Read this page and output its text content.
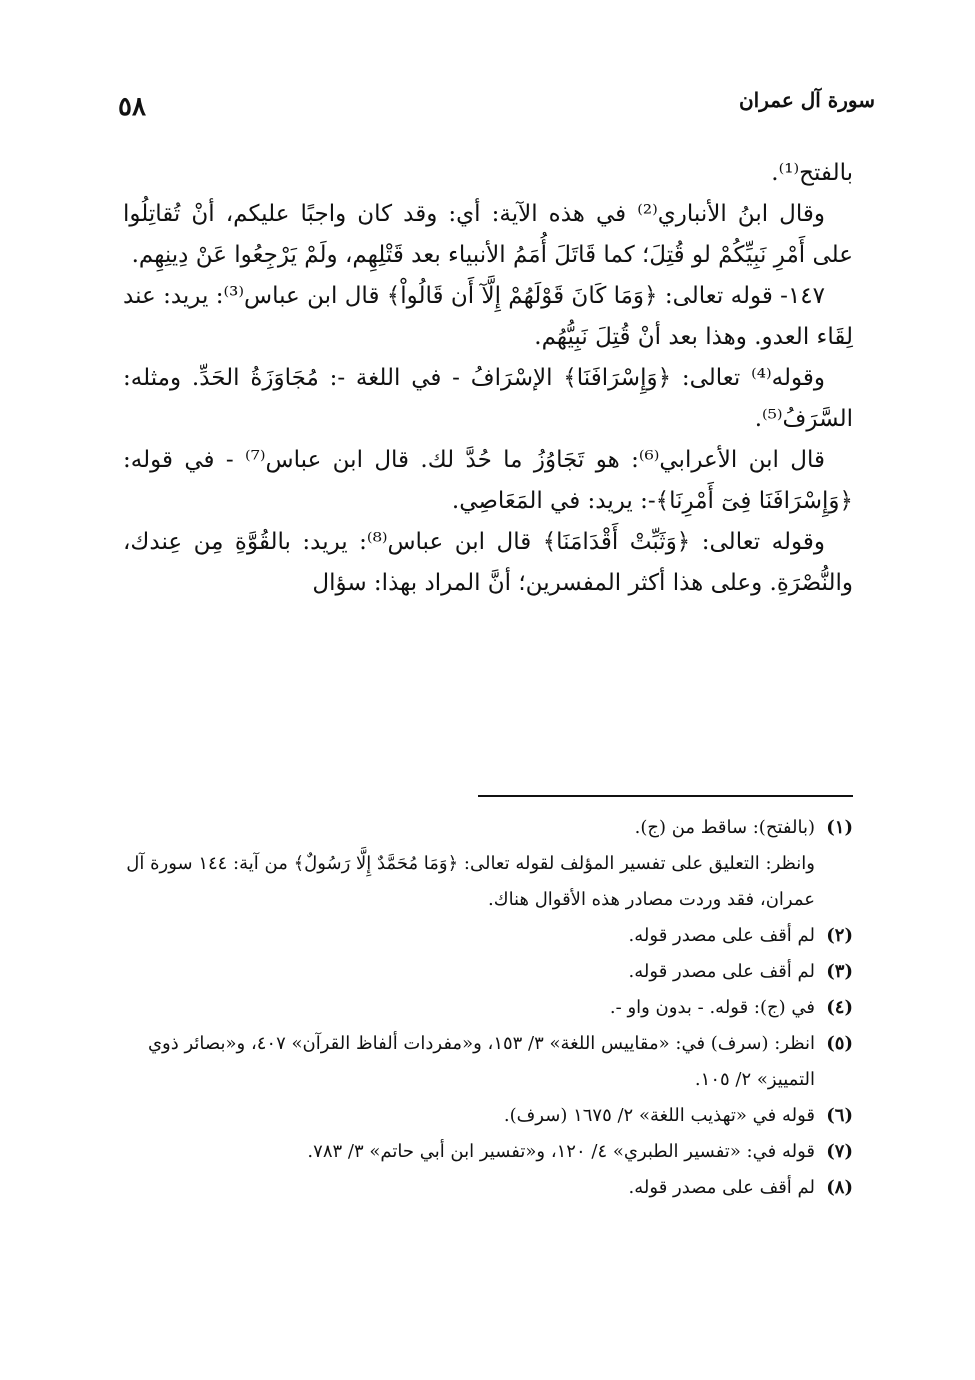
سورة آل عمران
٥٨

بالفتح⁽¹⁾.

وقال ابنُ الأنباري⁽²⁾ في هذه الآية: أي: وقد كان واجبًا عليكم، أنْ تُقاتِلُوا على أَمْرِ نَبِيِّكُمْ لو قُتِلَ؛ كما قَاتَلَ أُمَمُ الأنبياء بعد قَتْلِهِم، ولَمْ يَرْجِعُوا عَنْ دِينِهِم.

١٤٧- قوله تعالى: ﴿وَمَا كَانَ قَوْلَهُمْ إِلَّآ أَن قَالُواْ﴾ قال ابن عباس⁽³⁾: يريد: عند لِقَاء العدو. وهذا بعد أنْ قُتِلَ نَبِيُّهُم.

وقوله⁽⁴⁾ تعالى: ﴿وَإِسْرَافَنَا﴾ الإسْرَافُ - في اللغة -: مُجَاوَزَةُ الحَدِّ. ومثله: السَّرَفُ⁽⁵⁾.

قال ابن الأعرابي⁽⁶⁾: هو تَجَاوُزُ ما حُدَّ لك. قال ابن عباس⁽⁷⁾ - في قوله: ﴿وَإِسْرَافَنَا فِىٓ أَمْرِنَا﴾-: يريد: في المَعَاصِي.

وقوله تعالى: ﴿وَثَبِّتْ أَقْدَامَنَا﴾ قال ابن عباس⁽⁸⁾: يريد: بالقُوَّةِ مِن عِندك، والنُّصْرَةِ. وعلى هذا أكثر المفسرين؛ أنَّ المراد بهذا: سؤال

(١)
(بالفتح): ساقط من (ج).
وانظر: التعليق على تفسير المؤلف لقوله تعالى: ﴿وَمَا مُحَمَّدٌ إِلَّا رَسُولٌ﴾ من آية: ١٤٤ سورة آل عمران، فقد وردت مصادر هذه الأقوال هناك.
(٢)
لم أقف على مصدر قوله.
(٣)
لم أقف على مصدر قوله.
(٤)
في (ج): قوله. - بدون واو -.
(٥)
انظر: (سرف) في: «مقاييس اللغة» ٣/ ١٥٣، و«مفردات ألفاظ القرآن» ٤٠٧، و«بصائر ذوي التمييز» ٢/ ١٠٥.
(٦)
قوله في «تهذيب اللغة» ٢/ ١٦٧٥ (سرف).
(٧)
قوله في: «تفسير الطبري» ٤/ ١٢٠، و«تفسير ابن أبي حاتم» ٣/ ٧٨٣.
(٨)
لم أقف على مصدر قوله.
